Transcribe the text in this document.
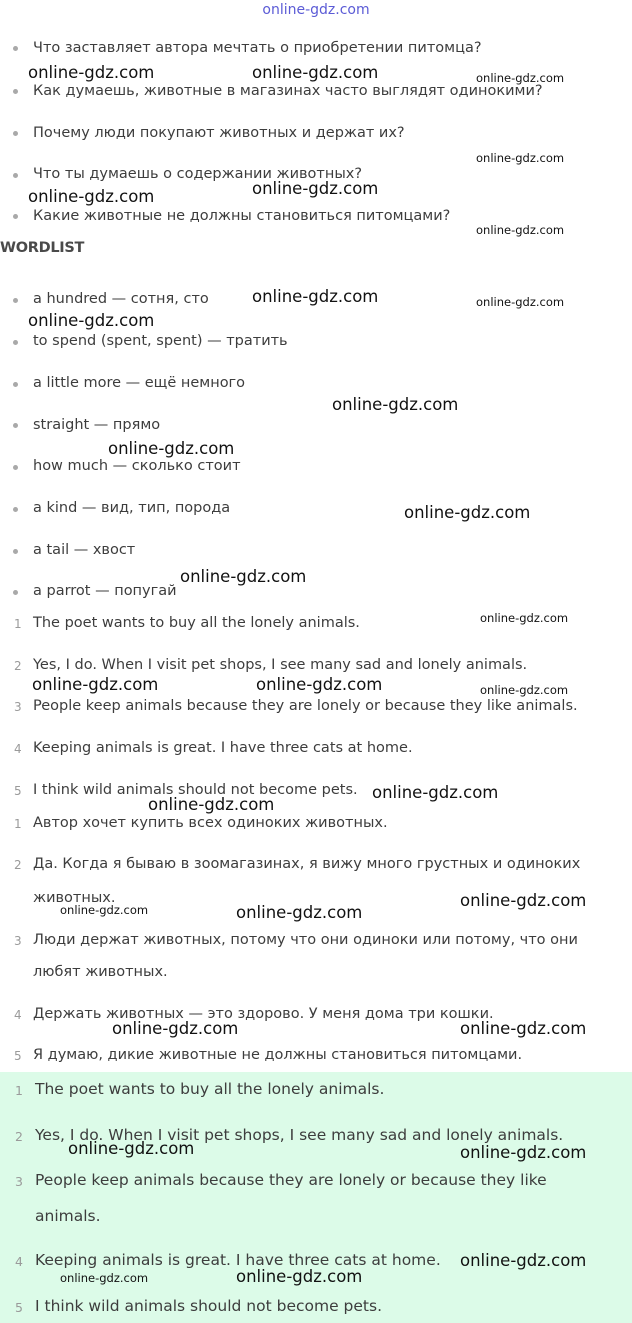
online-gdz.com
Что заставляет автора мечтать о приобретении питомца?
Как думаешь, животные в магазинах часто выглядят одинокими?
Почему люди покупают животных и держат их?
Что ты думаешь о содержании животных?
Какие животные не должны становиться питомцами?
WORDLIST
a hundred — сотня, сто
to spend (spent, spent) — тратить
a little more — ещё немного
straight — прямо
how much — сколько стоит
a kind — вид, тип, порода
a tail — хвост
a parrot — попугай
1 The poet wants to buy all the lonely animals.
2 Yes, I do. When I visit pet shops, I see many sad and lonely animals.
3 People keep animals because they are lonely or because they like animals.
4 Keeping animals is great. I have three cats at home.
5 I think wild animals should not become pets.
1 Автор хочет купить всех одиноких животных.
2 Да. Когда я бываю в зоомагазинах, я вижу много грустных и одиноких
животных.
3 Люди держат животных, потому что они одиноки или потому, что они
любят животных.
4 Держать животных — это здорово. У меня дома три кошки.
5 Я думаю, дикие животные не должны становиться питомцами.
1 The poet wants to buy all the lonely animals.
2 Yes, I do. When I visit pet shops, I see many sad and lonely animals.
3 People keep animals because they are lonely or because they like
animals.
4 Keeping animals is great. I have three cats at home.
5 I think wild animals should not become pets.
online-gdz.com	online-gdz.com	online-gdz.com
online-gdz.com
online-gdz.com	online-gdz.com
online-gdz.com
online-gdz.com	online-gdz.com
online-gdz.com
online-gdz.com
online-gdz.com
online-gdz.com
online-gdz.com
online-gdz.com
online-gdz.com	online-gdz.com	online-gdz.com
online-gdz.com
online-gdz.com
online-gdz.com
online-gdz.com	online-gdz.com
online-gdz.com	online-gdz.com
online-gdz.com	online-gdz.com
online-gdz.com
online-gdz.com	online-gdz.com
